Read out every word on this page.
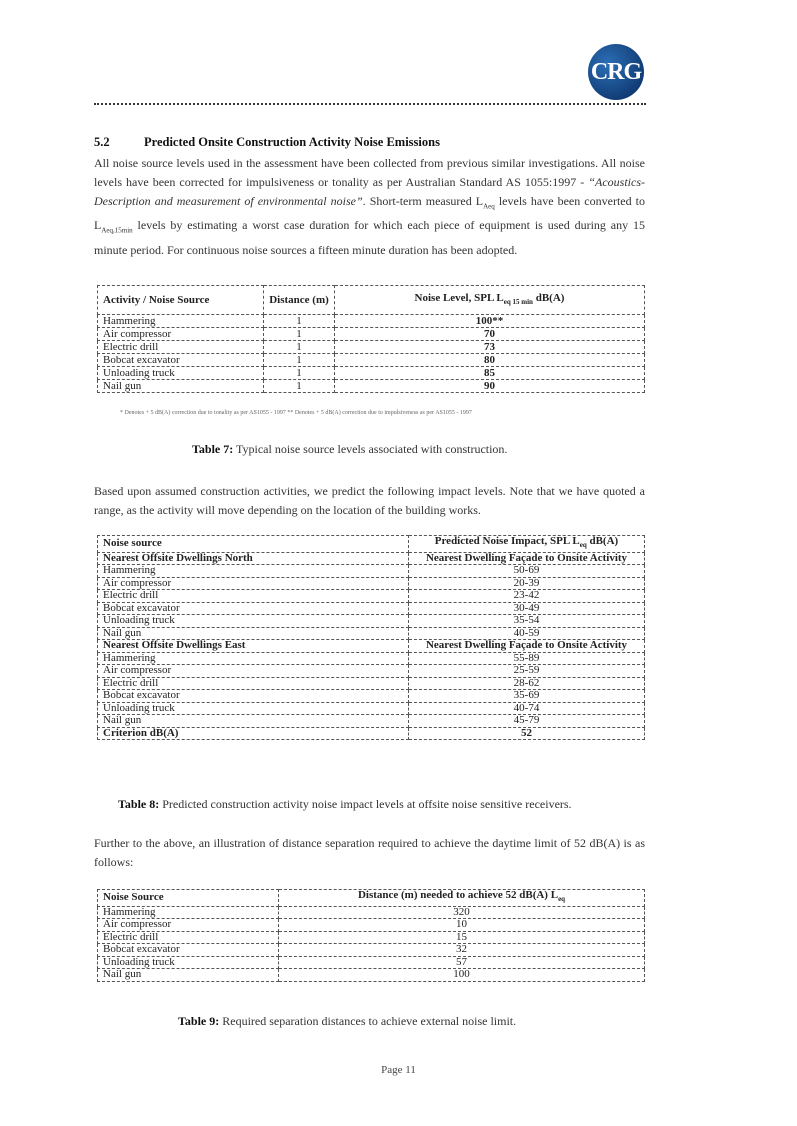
CRG
5.2	Predicted Onsite Construction Activity Noise Emissions
All noise source levels used in the assessment have been collected from previous similar investigations. All noise levels have been corrected for impulsiveness or tonality as per Australian Standard AS 1055:1997 - “Acoustics-Description and measurement of environmental noise”. Short-term measured $L_{Aeq}$ levels have been converted to $L_{Aeq,15min}$ levels by estimating a worst case duration for which each piece of equipment is used during any 15 minute period. For continuous noise sources a fifteen minute duration has been adopted.
Activity / Noise Source	Distance (m)	Noise Level, SPL $L_{eq 15 min}$ dB(A)
Hammering	1	100**
Air compressor	1	70
Electric drill	1	73
Bobcat excavator	1	80
Unloading truck	1	85
Nail gun	1	90
* Denotes + 5 dB(A) correction due to tonality as per AS1055 - 1997 ** Denotes + 5 dB(A) correction due to impulsiveness as per AS1055 - 1997
Table 7: Typical noise source levels associated with construction.
Based upon assumed construction activities, we predict the following impact levels. Note that we have quoted a range, as the activity will move depending on the location of the building works.
Noise source	Predicted Noise Impact, SPL $L_{eq}$ dB(A)
Nearest Offsite Dwellings North	Nearest Dwelling Façade to Onsite Activity
Hammering	50-69
Air compressor	20-39
Electric drill	23-42
Bobcat excavator	30-49
Unloading truck	35-54
Nail gun	40-59
Nearest Offsite Dwellings East	Nearest Dwelling Façade to Onsite Activity
Hammering	55-89
Air compressor	25-59
Electric drill	28-62
Bobcat excavator	35-69
Unloading truck	40-74
Nail gun	45-79
Criterion dB(A)	52
Table 8: Predicted construction activity noise impact levels at offsite noise sensitive receivers.
Further to the above, an illustration of distance separation required to achieve the daytime limit of 52 dB(A) is as follows:
Noise Source	Distance (m) needed to achieve 52 dB(A) $L_{eq}$
Hammering	320
Air compressor	10
Electric drill	15
Bobcat excavator	32
Unloading truck	57
Nail gun	100
Table 9: Required separation distances to achieve external noise limit.
Page 11
